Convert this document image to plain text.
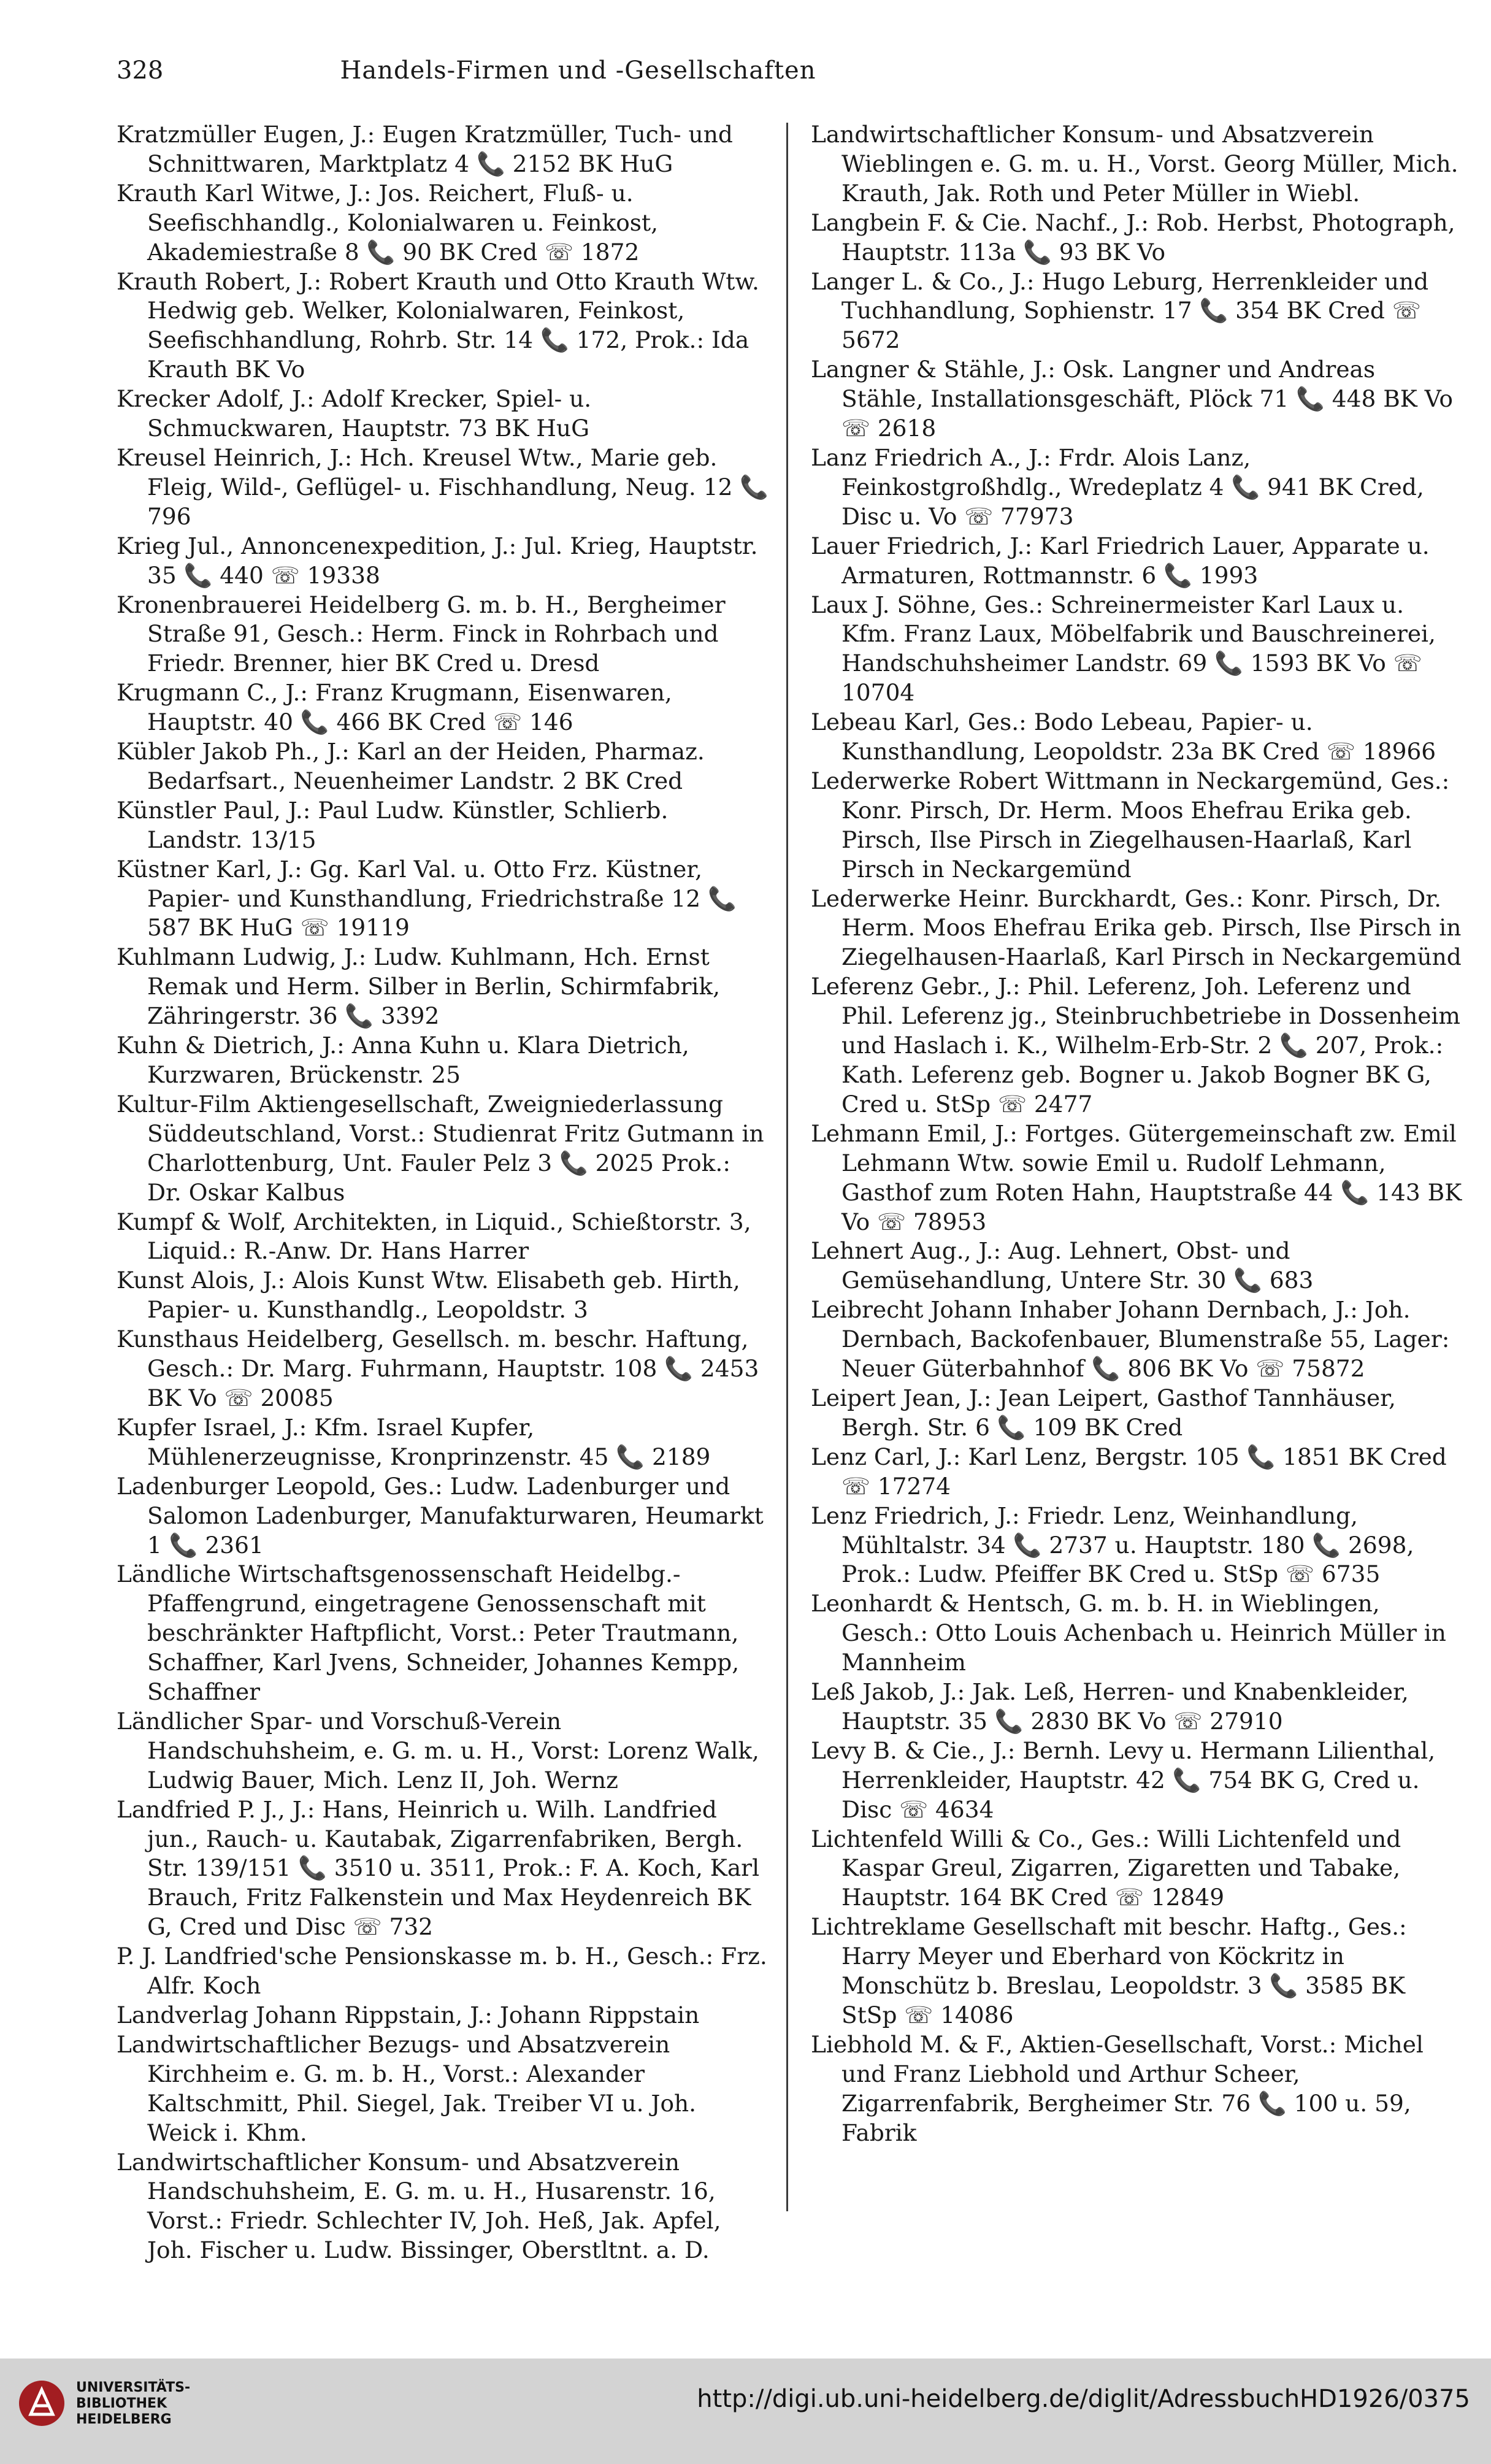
328	Handels-Firmen und -Gesellschaften
Kratzmüller Eugen, J.: Eugen Kratzmüller, Tuch- und Schnittwaren, Marktplatz 4 📞 2152 BK HuG
Krauth Karl Witwe, J.: Jos. Reichert, Fluß- u. Seefischhandlg., Kolonialwaren u. Feinkost, Akademiestraße 8 📞 90 BK Cred ☏ 1872
Krauth Robert, J.: Robert Krauth und Otto Krauth Wtw. Hedwig geb. Welker, Kolonialwaren, Feinkost, Seefischhandlung, Rohrb. Str. 14 📞 172, Prok.: Ida Krauth BK Vo
Krecker Adolf, J.: Adolf Krecker, Spiel- u. Schmuckwaren, Hauptstr. 73 BK HuG
Kreusel Heinrich, J.: Hch. Kreusel Wtw., Marie geb. Fleig, Wild-, Geflügel- u. Fischhandlung, Neug. 12 📞 796
Krieg Jul., Annoncenexpedition, J.: Jul. Krieg, Hauptstr. 35 📞 440 ☏ 19338
Kronenbrauerei Heidelberg G. m. b. H., Bergheimer Straße 91, Gesch.: Herm. Finck in Rohrbach und Friedr. Brenner, hier BK Cred u. Dresd
Krugmann C., J.: Franz Krugmann, Eisenwaren, Hauptstr. 40 📞 466 BK Cred ☏ 146
Kübler Jakob Ph., J.: Karl an der Heiden, Pharmaz. Bedarfsart., Neuenheimer Landstr. 2 BK Cred
Künstler Paul, J.: Paul Ludw. Künstler, Schlierb. Landstr. 13/15
Küstner Karl, J.: Gg. Karl Val. u. Otto Frz. Küstner, Papier- und Kunsthandlung, Friedrichstraße 12 📞 587 BK HuG ☏ 19119
Kuhlmann Ludwig, J.: Ludw. Kuhlmann, Hch. Ernst Remak und Herm. Silber in Berlin, Schirmfabrik, Zähringerstr. 36 📞 3392
Kuhn & Dietrich, J.: Anna Kuhn u. Klara Dietrich, Kurzwaren, Brückenstr. 25
Kultur-Film Aktiengesellschaft, Zweigniederlassung Süddeutschland, Vorst.: Studienrat Fritz Gutmann in Charlottenburg, Unt. Fauler Pelz 3 📞 2025 Prok.: Dr. Oskar Kalbus
Kumpf & Wolf, Architekten, in Liquid., Schießtorstr. 3, Liquid.: R.-Anw. Dr. Hans Harrer
Kunst Alois, J.: Alois Kunst Wtw. Elisabeth geb. Hirth, Papier- u. Kunsthandlg., Leopoldstr. 3
Kunsthaus Heidelberg, Gesellsch. m. beschr. Haftung, Gesch.: Dr. Marg. Fuhrmann, Hauptstr. 108 📞 2453 BK Vo ☏ 20085
Kupfer Israel, J.: Kfm. Israel Kupfer, Mühlenerzeugnisse, Kronprinzenstr. 45 📞 2189
Ladenburger Leopold, Ges.: Ludw. Ladenburger und Salomon Ladenburger, Manufakturwaren, Heumarkt 1 📞 2361
Ländliche Wirtschaftsgenossenschaft Heidelbg.-Pfaffengrund, eingetragene Genossenschaft mit beschränkter Haftpflicht, Vorst.: Peter Trautmann, Schaffner, Karl Jvens, Schneider, Johannes Kempp, Schaffner
Ländlicher Spar- und Vorschuß-Verein Handschuhsheim, e. G. m. u. H., Vorst: Lorenz Walk, Ludwig Bauer, Mich. Lenz II, Joh. Wernz
Landfried P. J., J.: Hans, Heinrich u. Wilh. Landfried jun., Rauch- u. Kautabak, Zigarrenfabriken, Bergh. Str. 139/151 📞 3510 u. 3511, Prok.: F. A. Koch, Karl Brauch, Fritz Falkenstein und Max Heydenreich BK G, Cred und Disc ☏ 732
P. J. Landfried'sche Pensionskasse m. b. H., Gesch.: Frz. Alfr. Koch
Landverlag Johann Rippstain, J.: Johann Rippstain
Landwirtschaftlicher Bezugs- und Absatzverein Kirchheim e. G. m. b. H., Vorst.: Alexander Kaltschmitt, Phil. Siegel, Jak. Treiber VI u. Joh. Weick i. Khm.
Landwirtschaftlicher Konsum- und Absatzverein Handschuhsheim, E. G. m. u. H., Husarenstr. 16, Vorst.: Friedr. Schlechter IV, Joh. Heß, Jak. Apfel, Joh. Fischer u. Ludw. Bissinger, Oberstltnt. a. D.
Landwirtschaftlicher Konsum- und Absatzverein Wieblingen e. G. m. u. H., Vorst. Georg Müller, Mich. Krauth, Jak. Roth und Peter Müller in Wiebl.
Langbein F. & Cie. Nachf., J.: Rob. Herbst, Photograph, Hauptstr. 113a 📞 93 BK Vo
Langer L. & Co., J.: Hugo Leburg, Herrenkleider und Tuchhandlung, Sophienstr. 17 📞 354 BK Cred ☏ 5672
Langner & Stähle, J.: Osk. Langner und Andreas Stähle, Installationsgeschäft, Plöck 71 📞 448 BK Vo ☏ 2618
Lanz Friedrich A., J.: Frdr. Alois Lanz, Feinkostgroßhdlg., Wredeplatz 4 📞 941 BK Cred, Disc u. Vo ☏ 77973
Lauer Friedrich, J.: Karl Friedrich Lauer, Apparate u. Armaturen, Rottmannstr. 6 📞 1993
Laux J. Söhne, Ges.: Schreinermeister Karl Laux u. Kfm. Franz Laux, Möbelfabrik und Bauschreinerei, Handschuhsheimer Landstr. 69 📞 1593 BK Vo ☏ 10704
Lebeau Karl, Ges.: Bodo Lebeau, Papier- u. Kunsthandlung, Leopoldstr. 23a BK Cred ☏ 18966
Lederwerke Robert Wittmann in Neckargemünd, Ges.: Konr. Pirsch, Dr. Herm. Moos Ehefrau Erika geb. Pirsch, Ilse Pirsch in Ziegelhausen-Haarlaß, Karl Pirsch in Neckargemünd
Lederwerke Heinr. Burckhardt, Ges.: Konr. Pirsch, Dr. Herm. Moos Ehefrau Erika geb. Pirsch, Ilse Pirsch in Ziegelhausen-Haarlaß, Karl Pirsch in Neckargemünd
Leferenz Gebr., J.: Phil. Leferenz, Joh. Leferenz und Phil. Leferenz jg., Steinbruchbetriebe in Dossenheim und Haslach i. K., Wilhelm-Erb-Str. 2 📞 207, Prok.: Kath. Leferenz geb. Bogner u. Jakob Bogner BK G, Cred u. StSp ☏ 2477
Lehmann Emil, J.: Fortges. Gütergemeinschaft zw. Emil Lehmann Wtw. sowie Emil u. Rudolf Lehmann, Gasthof zum Roten Hahn, Hauptstraße 44 📞 143 BK Vo ☏ 78953
Lehnert Aug., J.: Aug. Lehnert, Obst- und Gemüsehandlung, Untere Str. 30 📞 683
Leibrecht Johann Inhaber Johann Dernbach, J.: Joh. Dernbach, Backofenbauer, Blumenstraße 55, Lager: Neuer Güterbahnhof 📞 806 BK Vo ☏ 75872
Leipert Jean, J.: Jean Leipert, Gasthof Tannhäuser, Bergh. Str. 6 📞 109 BK Cred
Lenz Carl, J.: Karl Lenz, Bergstr. 105 📞 1851 BK Cred ☏ 17274
Lenz Friedrich, J.: Friedr. Lenz, Weinhandlung, Mühltalstr. 34 📞 2737 u. Hauptstr. 180 📞 2698, Prok.: Ludw. Pfeiffer BK Cred u. StSp ☏ 6735
Leonhardt & Hentsch, G. m. b. H. in Wieblingen, Gesch.: Otto Louis Achenbach u. Heinrich Müller in Mannheim
Leß Jakob, J.: Jak. Leß, Herren- und Knabenkleider, Hauptstr. 35 📞 2830 BK Vo ☏ 27910
Levy B. & Cie., J.: Bernh. Levy u. Hermann Lilienthal, Herrenkleider, Hauptstr. 42 📞 754 BK G, Cred u. Disc ☏ 4634
Lichtenfeld Willi & Co., Ges.: Willi Lichtenfeld und Kaspar Greul, Zigarren, Zigaretten und Tabake, Hauptstr. 164 BK Cred ☏ 12849
Lichtreklame Gesellschaft mit beschr. Haftg., Ges.: Harry Meyer und Eberhard von Köckritz in Monschütz b. Breslau, Leopoldstr. 3 📞 3585 BK StSp ☏ 14086
Liebhold M. & F., Aktien-Gesellschaft, Vorst.: Michel und Franz Liebhold und Arthur Scheer, Zigarrenfabrik, Bergheimer Str. 76 📞 100 u. 59, Fabrik
UNIVERSITÄTS-
BIBLIOTHEK
HEIDELBERG
http://digi.ub.uni-heidelberg.de/diglit/AdressbuchHD1926/0375
